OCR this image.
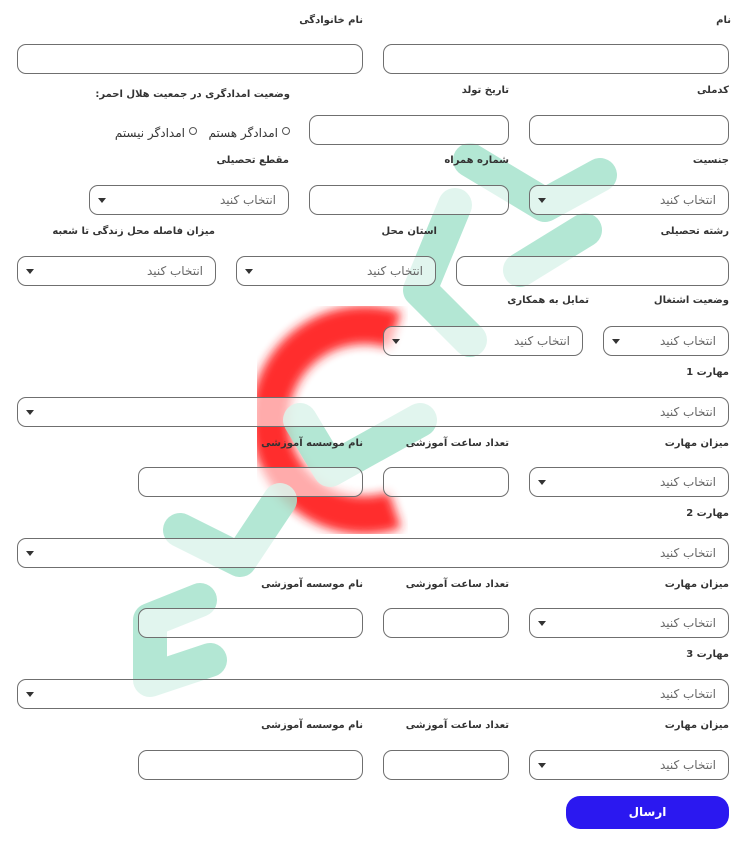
نام
نام خانوادگی
کدملی
تاریخ تولد
وضعیت امدادگری در جمعیت هلال احمر:
امدادگر هستم
امدادگر نیستم
جنسیت
شماره همراه
مقطع تحصیلی
انتخاب کنید
انتخاب کنید
رشته تحصیلی
استان محل
میزان فاصله محل زندگی تا شعبه
انتخاب کنید
انتخاب کنید
وضعیت اشتغال
تمایل به همکاری
انتخاب کنید
انتخاب کنید
مهارت 1
انتخاب کنید
میزان مهارت
تعداد ساعت آموزشی
نام موسسه آموزشی
انتخاب کنید
مهارت 2
انتخاب کنید
میزان مهارت
تعداد ساعت آموزشی
نام موسسه آموزشی
انتخاب کنید
مهارت 3
انتخاب کنید
میزان مهارت
تعداد ساعت آموزشی
نام موسسه آموزشی
انتخاب کنید
ارسال
